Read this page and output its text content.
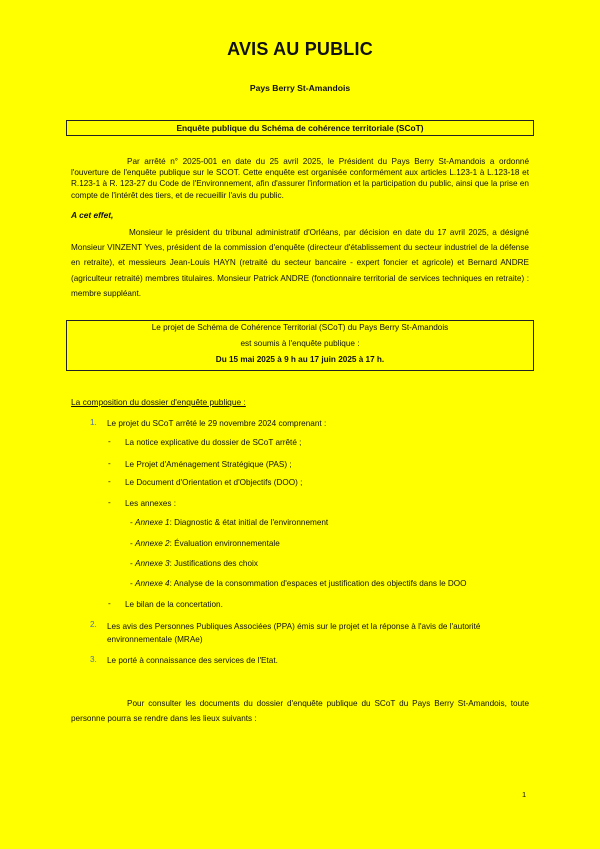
AVIS AU PUBLIC
Pays Berry St-Amandois
Enquête publique du Schéma de cohérence territoriale (SCoT)
Par arrêté n° 2025-001 en date du 25 avril 2025, le Président du Pays Berry St-Amandois a ordonné l'ouverture de l'enquête publique sur le SCOT. Cette enquête est organisée conformément aux articles L.123-1 à L.123-18 et R.123-1 à R. 123-27 du Code de l'Environnement, afin d'assurer l'information et la participation du public, ainsi que la prise en compte de l'intérêt des tiers, et de recueillir l'avis du public.
A cet effet,
Monsieur le président du tribunal administratif d'Orléans, par décision en date du 17 avril 2025, a désigné Monsieur VINZENT Yves, président de la commission d'enquête (directeur d'établissement du secteur industriel de la défense en retraite), et messieurs Jean-Louis HAYN (retraité du secteur bancaire - expert foncier et agricole) et Bernard ANDRE (agriculteur retraité) membres titulaires. Monsieur Patrick ANDRE (fonctionnaire territorial de services techniques en retraite) : membre suppléant.
Le projet de Schéma de Cohérence Territorial (SCoT) du Pays Berry St-Amandois
est soumis à l'enquête publique :
Du 15 mai 2025 à 9 h au 17 juin 2025 à 17 h.
La composition du dossier d'enquête publique :
1. Le projet du SCoT arrêté le 29 novembre 2024 comprenant :
- La notice explicative du dossier de SCoT arrêté ;
- Le Projet d'Aménagement Stratégique (PAS) ;
- Le Document d'Orientation et d'Objectifs (DOO) ;
- Les annexes :
- Annexe 1: Diagnostic & état initial de l'environnement
- Annexe 2: Évaluation environnementale
- Annexe 3: Justifications des choix
- Annexe 4: Analyse de la consommation d'espaces et justification des objectifs dans le DOO
- Le bilan de la concertation.
2. Les avis des Personnes Publiques Associées (PPA) émis sur le projet et la réponse à l'avis de l'autorité environnementale (MRAe)
3. Le porté à connaissance des services de l'Etat.
Pour consulter les documents du dossier d'enquête publique du SCoT du Pays Berry St-Amandois, toute personne pourra se rendre dans les lieux suivants :
1
